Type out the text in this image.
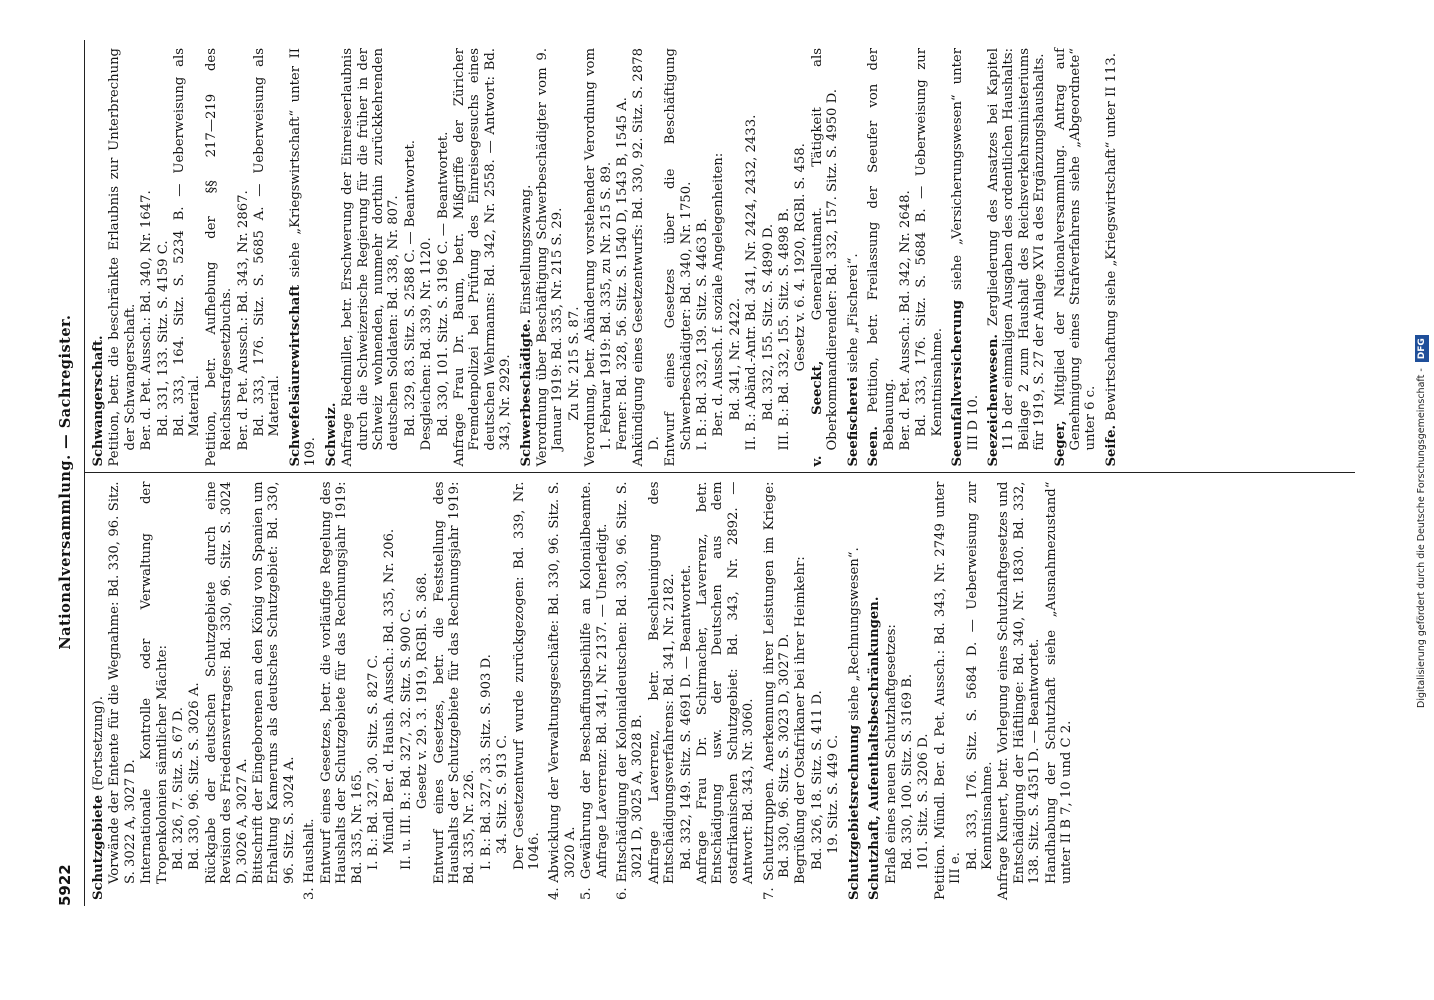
5922
Nationalversammlung. — Sachregister.

Schutzgebiete (Fortsetzung). Vorwände der Entente für die Wegnahme: Bd. 330, 96. Sitz. S. 3022 A, 3027 D. Internationale Kontrolle oder Verwaltung der Tropenkolonien sämtlicher Mächte: Bd. 326, 7. Sitz. S. 67 D. Bd. 330, 96. Sitz. S. 3026 A. Rückgabe der deutschen Schutzgebiete durch eine Revision des Friedensvertrages: Bd. 330, 96. Sitz. S. 3024 D, 3026 A, 3027 A. Bittschrift der Eingeborenen an den König von Spanien um Erhaltung Kameruns als deutsches Schutzgebiet: Bd. 330, 96. Sitz. S. 3024 A. 3. Haushalt. Entwurf eines Gesetzes, betr. die vorläufige Regelung des Haushalts der Schutzgebiete für das Rechnungsjahr 1919: Bd. 335, Nr. 165. I. B.: Bd. 327, 30. Sitz. S. 827 C. Mündl. Ber. d. Haush. Aussch.: Bd. 335, Nr. 206. II. u. III. B.: Bd. 327, 32. Sitz. S. 900 C. Gesetz v. 29. 3. 1919, RGBl. S. 368. Entwurf eines Gesetzes, betr. die Feststellung des Haushalts der Schutzgebiete für das Rechnungsjahr 1919: Bd. 335, Nr. 226. I. B.: Bd. 327, 33. Sitz. S. 903 D. 34. Sitz. S. 913 C. Der Gesetzentwurf wurde zurückgezogen: Bd. 339, Nr. 1046. 4. Abwicklung der Verwaltungsgeschäfte: Bd. 330, 96. Sitz. S. 3020 A. 5. Gewährung der Beschaffungsbeihilfe an Kolonialbeamte. Anfrage Laverrenz: Bd. 341, Nr. 2137. — Unerledigt. 6. Entschädigung der Kolonialdeutschen: Bd. 330, 96. Sitz. S. 3021 D, 3025 A, 3028 B. Anfrage Laverrenz, betr. Beschleunigung des Entschädigungsverfahrens: Bd. 341, Nr. 2182. Bd. 332, 149. Sitz. S. 4691 D. — Beantwortet. Anfrage Frau Dr. Schirmacher, Laverrenz, betr. Entschädigung usw. der Deutschen aus dem ostafrikanischen Schutzgebiet: Bd. 343, Nr. 2892. — Antwort: Bd. 343, Nr. 3060. 7. Schutztruppen. Anerkennung ihrer Leistungen im Kriege: Bd. 330, 96. Sitz. S. 3023 D, 3027 D. Begrüßung der Ostafrikaner bei ihrer Heimkehr: Bd. 326, 18. Sitz. S. 411 D. 19. Sitz. S. 449 C. Schutzgebietsrechnung siehe „Rechnungswesen“. Schutzhaft, Aufenthaltsbeschränkungen. Erlaß eines neuen Schutzhaftgesetzes: Bd. 330, 100. Sitz. S. 3169 B. 101. Sitz. S. 3206 D. Petition. Mündl. Ber. d. Pet. Aussch.: Bd. 343, Nr. 2749 unter III e. Bd. 333, 176. Sitz. S. 5684 D. — Ueberweisung zur Kenntnisnahme. Anfrage Kunert, betr. Vorlegung eines Schutzhaftgesetzes und Entschädigung der Häftlinge: Bd. 340, Nr. 1830. Bd. 332, 138. Sitz. S. 4351 D. — Beantwortet. Handhabung der Schutzhaft siehe „Ausnahmezustand“ unter II B 7, 10 und C 2.

Schwangerschaft. Petition, betr. die beschränkte Erlaubnis zur Unterbrechung der Schwangerschaft. Ber. d. Pet. Aussch.: Bd. 340, Nr. 1647. Bd. 331, 133. Sitz. S. 4159 C. Bd. 333, 164. Sitz. S. 5234 B. — Ueberweisung als Material. Petition, betr. Aufhebung der §§ 217—219 des Reichsstrafgesetzbuchs. Ber. d. Pet. Aussch.: Bd. 343, Nr. 2867. Bd. 333, 176. Sitz. S. 5685 A. — Ueberweisung als Material. Schwefelsäurewirtschaft siehe „Kriegswirtschaft“ unter II 109. Schweiz. Anfrage Riedmiller, betr. Erschwerung der Einreiseerlaubnis durch die Schweizerische Regierung für die früher in der Schweiz wohnenden, nunmehr dorthin zurückkehrenden deutschen Soldaten: Bd. 338, Nr. 807. Bd. 329, 83. Sitz. S. 2588 C. — Beantwortet. Desgleichen: Bd. 339, Nr. 1120. Bd. 330, 101. Sitz. S. 3196 C. — Beantwortet. Anfrage Frau Dr. Baum, betr. Mißgriffe der Züricher Fremdenpolizei bei Prüfung des Einreisegesuchs eines deutschen Wehrmanns: Bd. 342, Nr. 2558. — Antwort: Bd. 343, Nr. 2929. Schwerbeschädigte. Einstellungszwang. Verordnung über Beschäftigung Schwerbeschädigter vom 9. Januar 1919: Bd. 335, Nr. 215 S. 29. Zu Nr. 215 S. 87. Verordnung, betr. Abänderung vorstehender Verordnung vom 1. Februar 1919: Bd. 335, zu Nr. 215 S. 89. Ferner: Bd. 328, 56. Sitz. S. 1540 D, 1543 B, 1545 A. Ankündigung eines Gesetzentwurfs: Bd. 330, 92. Sitz. S. 2878 D. Entwurf eines Gesetzes über die Beschäftigung Schwerbeschädigter: Bd. 340, Nr. 1750. I. B.: Bd. 332, 139. Sitz. S. 4463 B. Ber. d. Aussch. f. soziale Angelegenheiten: Bd. 341, Nr. 2422. II. B.: Abänd.-Antr. Bd. 341, Nr. 2424, 2432, 2433. Bd. 332, 155. Sitz. S. 4890 D. III. B.: Bd. 332, 155. Sitz. S. 4898 B. Gesetz v. 6. 4. 1920, RGBl. S. 458.

v. Seeckt, Generalleutnant. Tätigkeit als Oberkommandierender: Bd. 332, 157. Sitz. S. 4950 D. Seefischerei siehe „Fischerei“.

Seen. Petition, betr. Freilassung der Seeufer von der Bebauung. Ber. d. Pet. Aussch.: Bd. 342, Nr. 2648. Bd. 333, 176. Sitz. S. 5684 B. — Ueberweisung zur Kenntnisnahme. Seeunfallversicherung siehe „Versicherungswesen“ unter III D 10. Seezeichenwesen. Zergliederung des Ansatzes bei Kapitel 11 b der einmaligen Ausgaben des ordentlichen Haushalts: Beilage 2 zum Haushalt des Reichsverkehrsministeriums für 1919, S. 27 der Anlage XVI a des Ergänzungshaushalts. Seger, Mitglied der Nationalversammlung. Antrag auf Genehmigung eines Strafverfahrens siehe „Abgeordnete“ unter 6 c. Seife. Bewirtschaftung siehe „Kriegswirtschaft“ unter II 113.

Digitalisierung gefördert durch die Deutsche Forschungsgemeinschaft -DFG
